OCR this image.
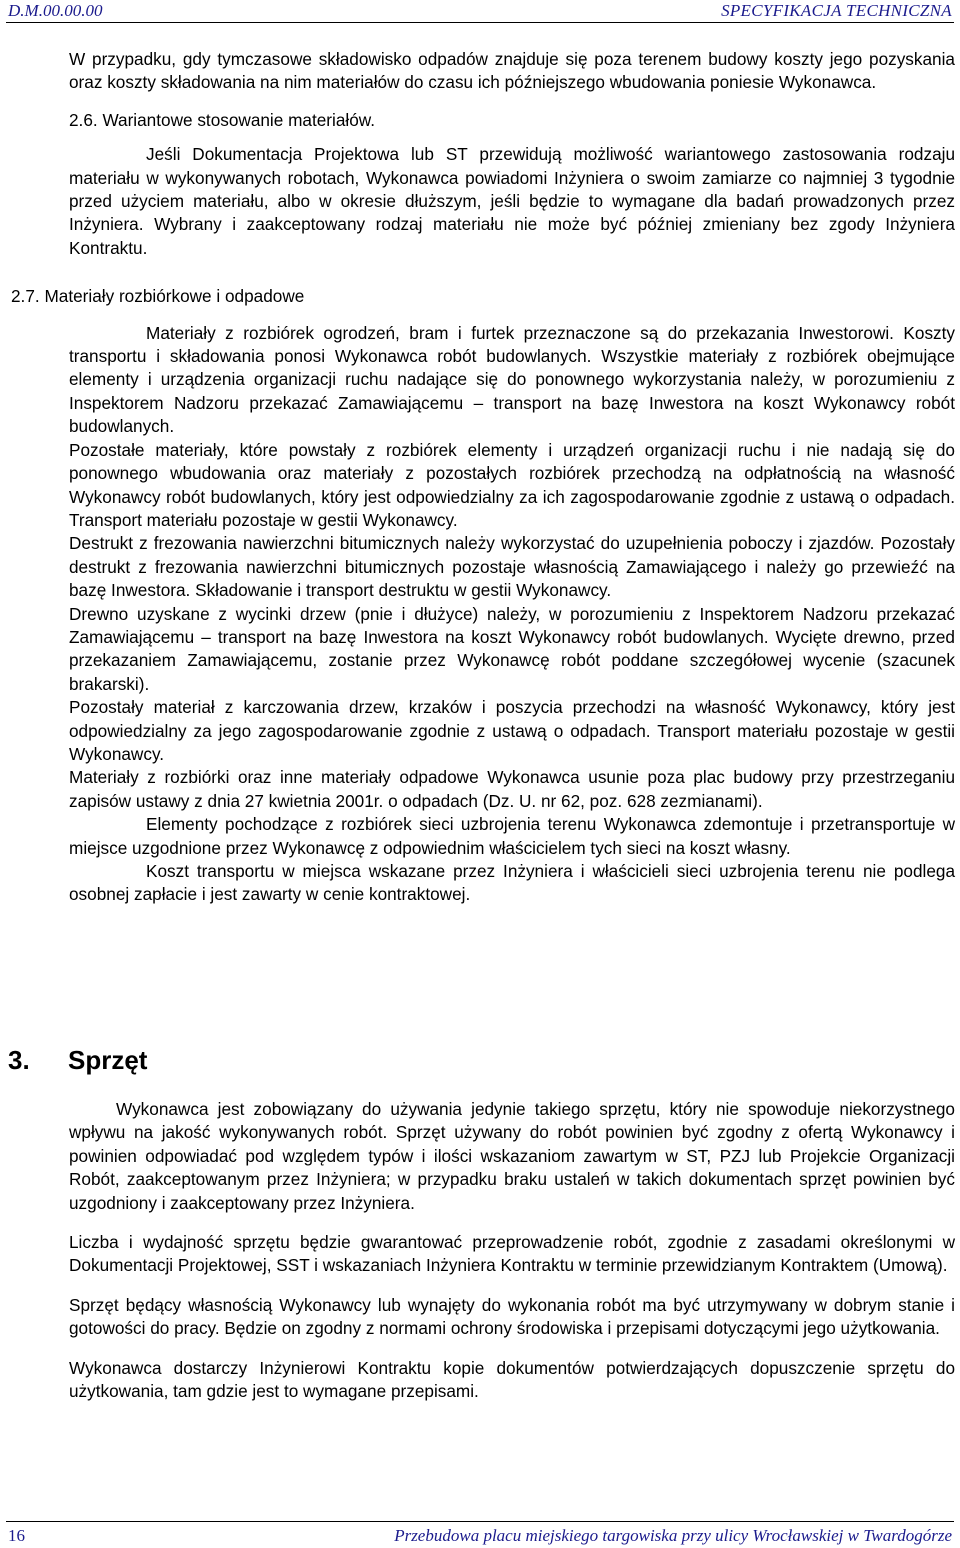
D.M.00.00.00	SPECYFIKACJA TECHNICZNA

W przypadku, gdy tymczasowe składowisko odpadów znajduje się poza terenem budowy koszty jego pozyskania oraz koszty składowania na nim materiałów do czasu ich późniejszego wbudowania poniesie Wykonawca.

2.6. Wariantowe stosowanie materiałów.

Jeśli Dokumentacja Projektowa lub ST przewidują możliwość wariantowego zastosowania rodzaju materiału w wykonywanych robotach, Wykonawca powiadomi Inżyniera o swoim zamiarze co najmniej 3 tygodnie przed użyciem materiału, albo w okresie dłuższym, jeśli będzie to wymagane dla badań prowadzonych przez Inżyniera. Wybrany i zaakceptowany rodzaj materiału nie może być później zmieniany bez zgody Inżyniera Kontraktu.

2.7. Materiały rozbiórkowe i odpadowe

Materiały z rozbiórek ogrodzeń, bram i furtek przeznaczone są do przekazania Inwestorowi. Koszty transportu i składowania ponosi Wykonawca robót budowlanych. Wszystkie materiały z rozbiórek obejmujące elementy i urządzenia organizacji ruchu nadające się do ponownego wykorzystania należy, w porozumieniu z Inspektorem Nadzoru przekazać Zamawiającemu – transport na bazę Inwestora na koszt Wykonawcy robót budowlanych.

Pozostałe materiały, które powstały z rozbiórek elementy i urządzeń organizacji ruchu i nie nadają się do ponownego wbudowania oraz materiały z pozostałych rozbiórek przechodzą na odpłatnością na własność Wykonawcy robót budowlanych, który jest odpowiedzialny za ich zagospodarowanie zgodnie z ustawą o odpadach. Transport materiału pozostaje w gestii Wykonawcy.

Destrukt z frezowania nawierzchni bitumicznych należy wykorzystać do uzupełnienia poboczy i zjazdów. Pozostały destrukt z frezowania nawierzchni bitumicznych pozostaje własnością Zamawiającego i należy go przewieźć na bazę Inwestora. Składowanie i transport destruktu w gestii Wykonawcy.

Drewno uzyskane z wycinki drzew (pnie i dłużyce) należy, w porozumieniu z Inspektorem Nadzoru przekazać Zamawiającemu – transport na bazę Inwestora na koszt Wykonawcy robót budowlanych. Wycięte drewno, przed przekazaniem Zamawiającemu, zostanie przez Wykonawcę robót poddane szczegółowej wycenie (szacunek brakarski).

Pozostały materiał z karczowania drzew, krzaków i poszycia przechodzi na własność Wykonawcy, który jest odpowiedzialny za jego zagospodarowanie zgodnie z ustawą o odpadach. Transport materiału pozostaje w gestii Wykonawcy.

Materiały z rozbiórki oraz inne materiały odpadowe Wykonawca usunie poza plac budowy przy przestrzeganiu zapisów ustawy z dnia 27 kwietnia 2001r. o odpadach (Dz. U. nr 62, poz. 628 zezmianami).

Elementy pochodzące z rozbiórek sieci uzbrojenia terenu Wykonawca zdemontuje i przetransportuje w miejsce uzgodnione przez Wykonawcę z odpowiednim właścicielem tych sieci na koszt własny.

Koszt transportu w miejsca wskazane przez Inżyniera i właścicieli sieci uzbrojenia terenu nie podlega osobnej zapłacie i jest zawarty w cenie kontraktowej.

3. Sprzęt

Wykonawca jest zobowiązany do używania jedynie takiego sprzętu, który nie spowoduje niekorzystnego wpływu na jakość wykonywanych robót. Sprzęt używany do robót powinien być zgodny z ofertą Wykonawcy i powinien odpowiadać pod względem typów i ilości wskazaniom zawartym w ST, PZJ lub Projekcie Organizacji Robót, zaakceptowanym przez Inżyniera; w przypadku braku ustaleń w takich dokumentach sprzęt powinien być uzgodniony i zaakceptowany przez Inżyniera.

Liczba i wydajność sprzętu będzie gwarantować przeprowadzenie robót, zgodnie z zasadami określonymi w Dokumentacji Projektowej, SST i wskazaniach Inżyniera Kontraktu w terminie przewidzianym Kontraktem (Umową).

Sprzęt będący własnością Wykonawcy lub wynajęty do wykonania robót ma być utrzymywany w dobrym stanie i gotowości do pracy. Będzie on zgodny z normami ochrony środowiska i przepisami dotyczącymi jego użytkowania.

Wykonawca dostarczy Inżynierowi Kontraktu kopie dokumentów potwierdzających dopuszczenie sprzętu do użytkowania, tam gdzie jest to wymagane przepisami.

16	Przebudowa placu miejskiego targowiska przy ulicy Wrocławskiej w Twardogórze
